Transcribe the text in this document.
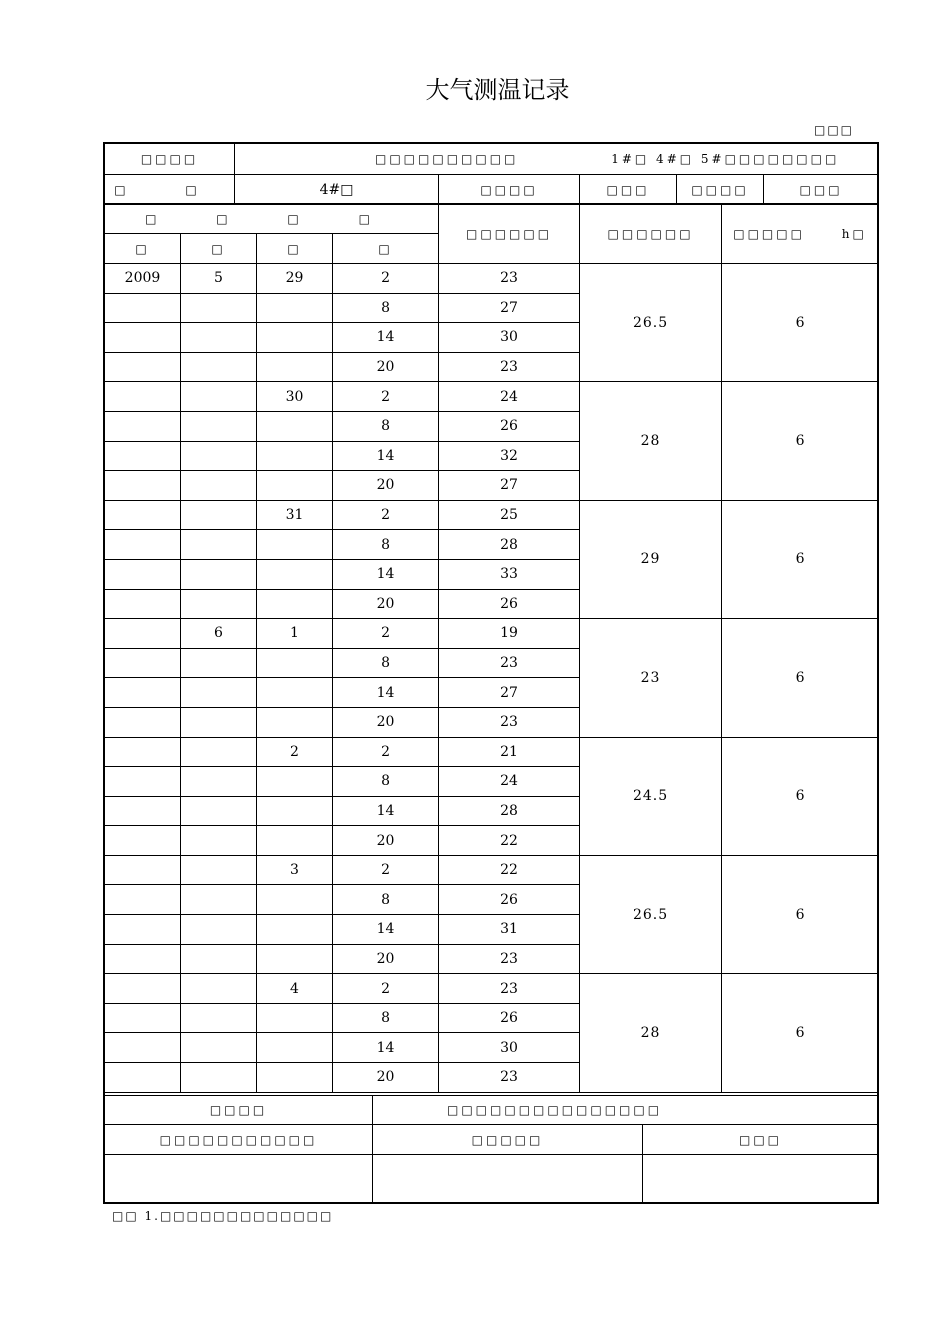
大气测温记录
□□□
□□□□	□□□□□□□□□□ 1#□ 4#□ 5#□□□□□□□□				
□ □	4#□	□□□□	□□□	□□□□	□□□
□ □ □ □				□□□□□□	□□□□□□	□□□□□ h□
□	□	□	□			
2009	5	29	2	23	26.5	6
			8	27		
			14	30		
			20	23		
		30	2	24	28	6
			8	26		
			14	32		
			20	27		
		31	2	25	29	6
			8	28		
			14	33		
			20	26		
	6	1	2	19	23	6
			8	23		
			14	27		
			20	23		
		2	2	21	24.5	6
			8	24		
			14	28		
			20	22		
		3	2	22	26.5	6
			8	26		
			14	31		
			20	23		
		4	2	23	28	6
			8	26		
			14	30		
			20	23		
□□□□	□□□□□□□□□□□□□□□	
□□□□□□□□□□□	□□□□□	□□□

□□ 1.□□□□□□□□□□□□□
